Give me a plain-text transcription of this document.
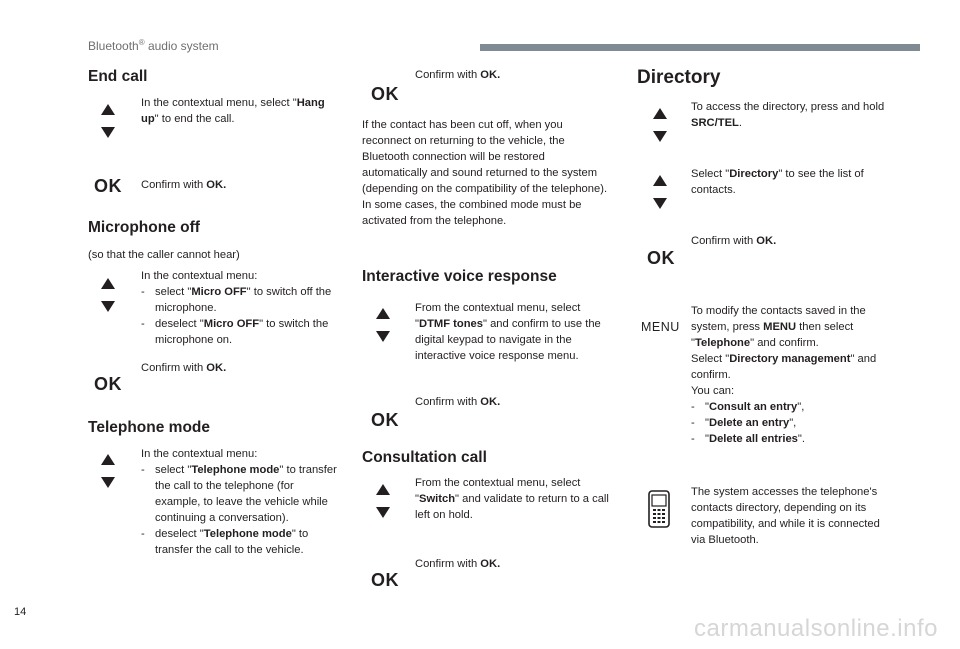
Bluetooth® audio system
End call
In the contextual menu, select "Hang up" to end the call.
OK Confirm with OK.
Microphone off
(so that the caller cannot hear)
In the contextual menu:
- select "Micro OFF" to switch off the microphone.
- deselect "Micro OFF" to switch the microphone on.
OK
Confirm with OK.
Telephone mode
In the contextual menu:
- select "Telephone mode" to transfer the call to the telephone (for example, to leave the vehicle while continuing a conversation).
- deselect "Telephone mode" to transfer the call to the vehicle.
OK
Confirm with OK.
If the contact has been cut off, when you reconnect on returning to the vehicle, the Bluetooth connection will be restored automatically and sound returned to the system (depending on the compatibility of the telephone).
In some cases, the combined mode must be activated from the telephone.
Interactive voice response
From the contextual menu, select "DTMF tones" and confirm to use the digital keypad to navigate in the interactive voice response menu.
OK
Confirm with OK.
Consultation call
From the contextual menu, select "Switch" and validate to return to a call left on hold.
OK
Confirm with OK.
Directory
To access the directory, press and hold SRC/TEL.
Select "Directory" to see the list of contacts.
OK
Confirm with OK.
MENU
To modify the contacts saved in the system, press MENU then select "Telephone" and confirm.
Select "Directory management" and confirm.
You can:
- "Consult an entry",
- "Delete an entry",
- "Delete all entries".
The system accesses the telephone's contacts directory, depending on its compatibility, and while it is connected via Bluetooth.
14
carmanualsonline.info
